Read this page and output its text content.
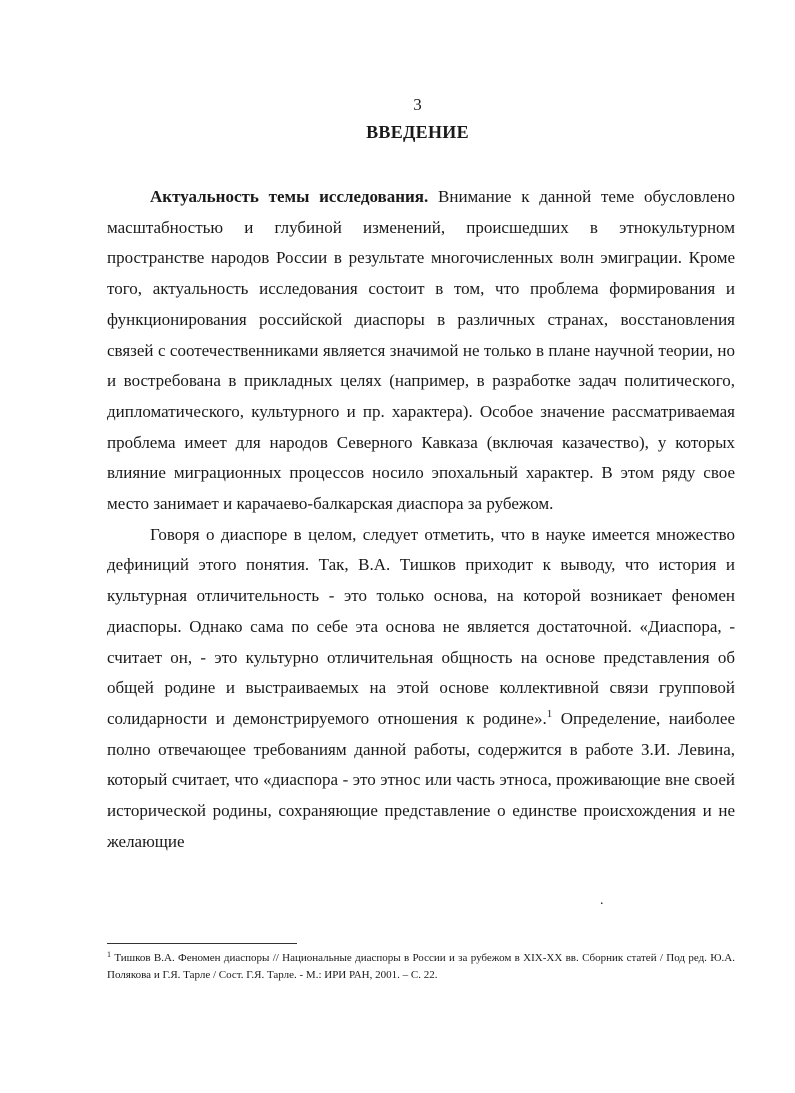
3
ВВЕДЕНИЕ

Актуальность темы исследования. Внимание к данной теме обусловлено масштабностью и глубиной изменений, происшедших в этнокультурном пространстве народов России в результате многочисленных волн эмиграции. Кроме того, актуальность исследования состоит в том, что проблема формирования и функционирования российской диаспоры в различных странах, восстановления связей с соотечественниками является значимой не только в плане научной теории, но и востребована в прикладных целях (например, в разработке задач политического, дипломатического, культурного и пр. характера). Особое значение рассматриваемая проблема имеет для народов Северного Кавказа (включая казачество), у которых влияние миграционных процессов носило эпохальный характер. В этом ряду свое место занимает и карачаево-балкарская диаспора за рубежом.

Говоря о диаспоре в целом, следует отметить, что в науке имеется множество дефиниций этого понятия. Так, В.А. Тишков приходит к выводу, что история и культурная отличительность - это только основа, на которой возникает феномен диаспоры. Однако сама по себе эта основа не является достаточной. «Диаспора, - считает он, - это культурно отличительная общность на основе представления об общей родине и выстраиваемых на этой основе коллективной связи групповой солидарности и демонстрируемого отношения к родине».$^1$ Определение, наиболее полно отвечающее требованиям данной работы, содержится в работе З.И. Левина, который считает, что «диаспора - это этнос или часть этноса, проживающие вне своей исторической родины, сохраняющие представление о единстве происхождения и не желающие

.
$^1$ Тишков В.А. Феномен диаспоры // Национальные диаспоры в России и за рубежом в XIX-XX вв. Сборник статей / Под ред. Ю.А. Полякова и Г.Я. Тарле / Сост. Г.Я. Тарле. - М.: ИРИ РАН, 2001. – С. 22.
